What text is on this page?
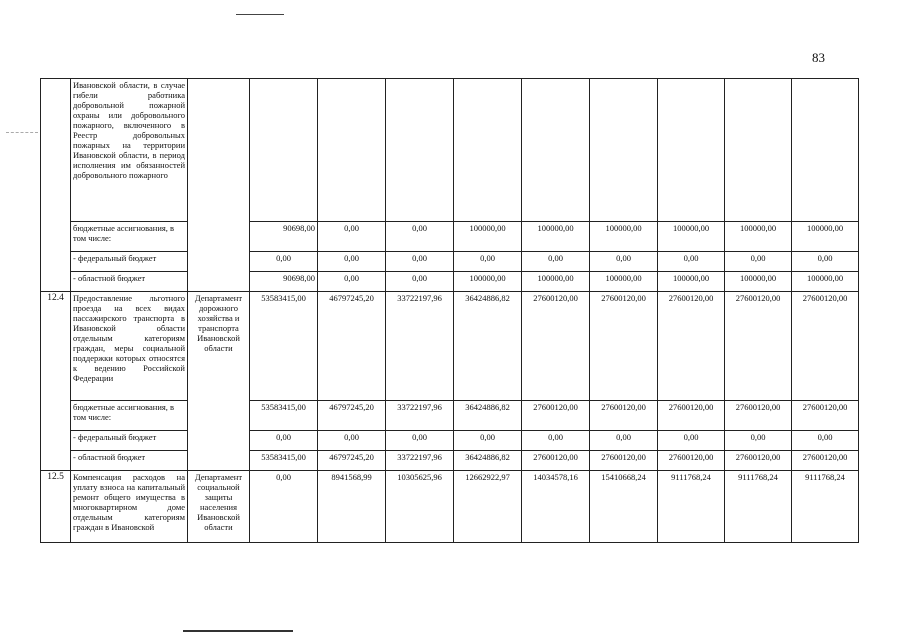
83
	Ивановской области, в случае гибели работника добровольной пожарной охраны или добровольного пожарного, включенного в Реестр добровольных пожарных на территории Ивановской области, в период исполнения им обязанностей добровольного пожарного										
	бюджетные ассигнования, в том числе:		90698,00	0,00	0,00	100000,00	100000,00	100000,00	100000,00	100000,00	100000,00
	- федеральный бюджет		0,00	0,00	0,00	0,00	0,00	0,00	0,00	0,00	0,00
	- областной бюджет		90698,00	0,00	0,00	100000,00	100000,00	100000,00	100000,00	100000,00	100000,00
12.4	Предоставление льготного проезда на всех видах пассажирского транспорта в Ивановской области отдельным категориям граждан, меры социальной поддержки которых относятся к ведению Российской Федерации	Департамент дорожного хозяйства и транспорта Ивановской области	53583415,00	46797245,20	33722197,96	36424886,82	27600120,00	27600120,00	27600120,00	27600120,00	27600120,00
	бюджетные ассигнования, в том числе:		53583415,00	46797245,20	33722197,96	36424886,82	27600120,00	27600120,00	27600120,00	27600120,00	27600120,00
	- федеральный бюджет		0,00	0,00	0,00	0,00	0,00	0,00	0,00	0,00	0,00
	- областной бюджет		53583415,00	46797245,20	33722197,96	36424886,82	27600120,00	27600120,00	27600120,00	27600120,00	27600120,00
12.5	Компенсация расходов на уплату взноса на капитальный ремонт общего имущества в многоквартирном доме отдельным категориям граждан в Ивановской	Департамент социальной защиты населения Ивановской области	0,00	8941568,99	10305625,96	12662922,97	14034578,16	15410668,24	9111768,24	9111768,24	9111768,24
